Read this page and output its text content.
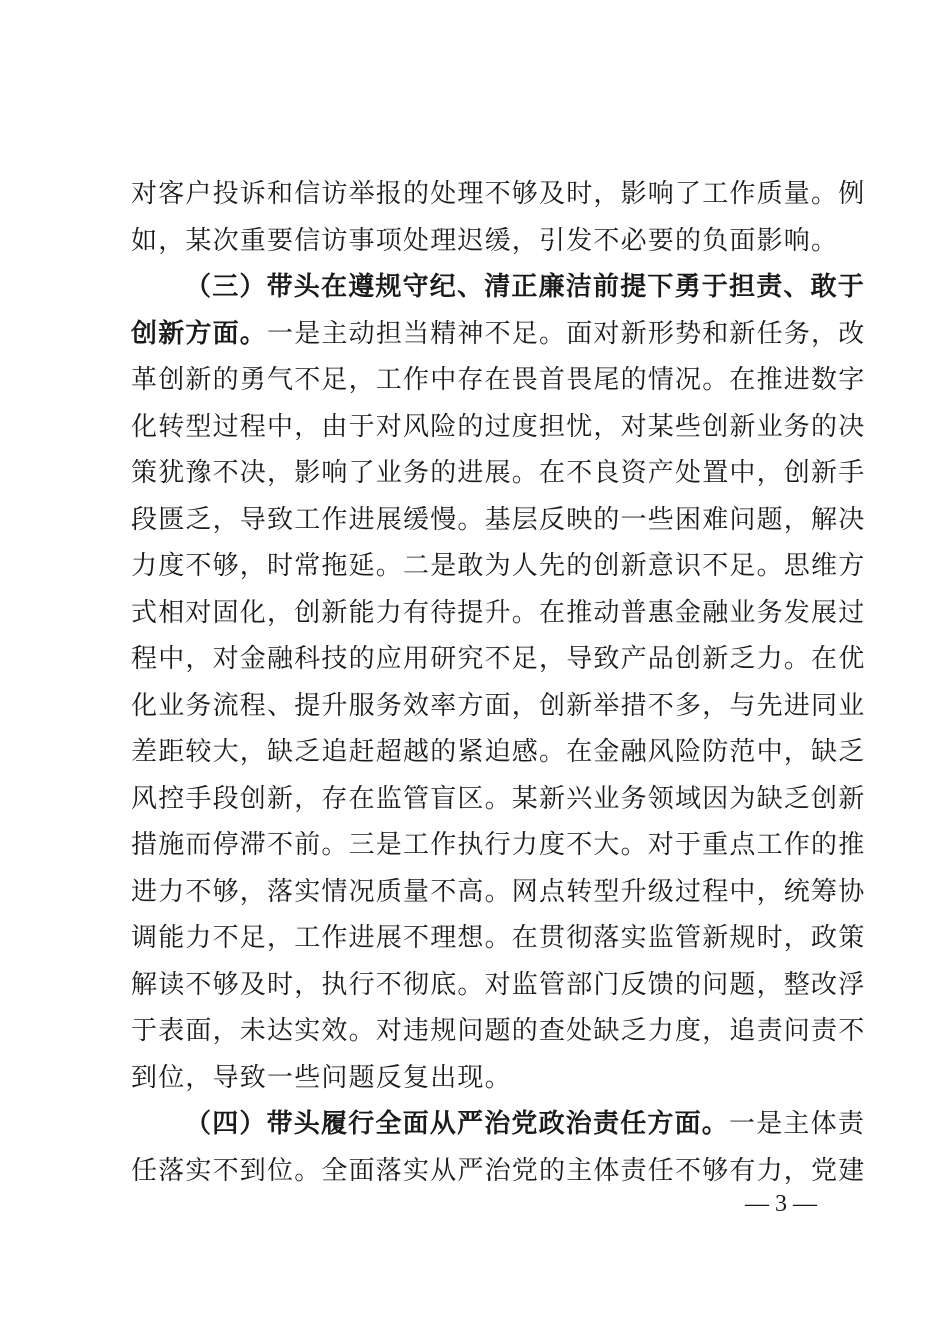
对客户投诉和信访举报的处理不够及时，影响了工作质量。例
如，某次重要信访事项处理迟缓，引发不必要的负面影响。
（三）带头在遵规守纪、清正廉洁前提下勇于担责、敢于
创新方面。一是主动担当精神不足。面对新形势和新任务，改
革创新的勇气不足，工作中存在畏首畏尾的情况。在推进数字
化转型过程中，由于对风险的过度担忧，对某些创新业务的决
策犹豫不决，影响了业务的进展。在不良资产处置中，创新手
段匮乏，导致工作进展缓慢。基层反映的一些困难问题，解决
力度不够，时常拖延。二是敢为人先的创新意识不足。思维方
式相对固化，创新能力有待提升。在推动普惠金融业务发展过
程中，对金融科技的应用研究不足，导致产品创新乏力。在优
化业务流程、提升服务效率方面，创新举措不多，与先进同业
差距较大，缺乏追赶超越的紧迫感。在金融风险防范中，缺乏
风控手段创新，存在监管盲区。某新兴业务领域因为缺乏创新
措施而停滞不前。三是工作执行力度不大。对于重点工作的推
进力不够，落实情况质量不高。网点转型升级过程中，统筹协
调能力不足，工作进展不理想。在贯彻落实监管新规时，政策
解读不够及时，执行不彻底。对监管部门反馈的问题，整改浮
于表面，未达实效。对违规问题的查处缺乏力度，追责问责不
到位，导致一些问题反复出现。
（四）带头履行全面从严治党政治责任方面。一是主体责
任落实不到位。全面落实从严治党的主体责任不够有力，党建
— 3 —
